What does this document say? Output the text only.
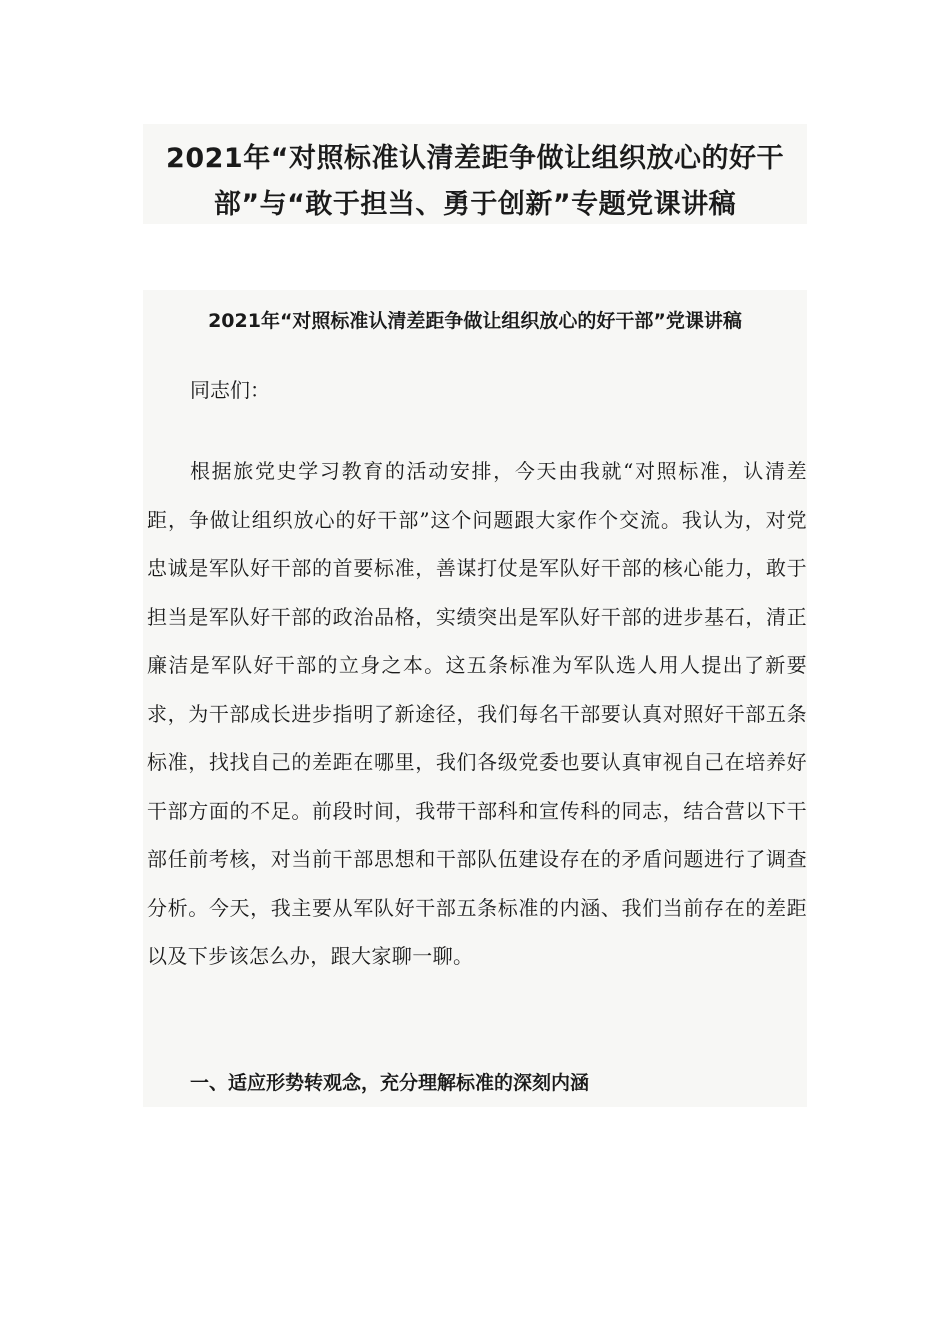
2021年“对照标准认清差距争做让组织放心的好干部”与“敢于担当、勇于创新”专题党课讲稿
2021年“对照标准认清差距争做让组织放心的好干部”党课讲稿
同志们：

根据旅党史学习教育的活动安排，今天由我就“对照标准，认清差距，争做让组织放心的好干部”这个问题跟大家作个交流。我认为，对党忠诚是军队好干部的首要标准，善谋打仗是军队好干部的核心能力，敢于担当是军队好干部的政治品格，实绩突出是军队好干部的进步基石，清正廉洁是军队好干部的立身之本。这五条标准为军队选人用人提出了新要求，为干部成长进步指明了新途径，我们每名干部要认真对照好干部五条标准，找找自己的差距在哪里，我们各级党委也要认真审视自己在培养好干部方面的不足。前段时间，我带干部科和宣传科的同志，结合营以下干部任前考核，对当前干部思想和干部队伍建设存在的矛盾问题进行了调查分析。今天，我主要从军队好干部五条标准的内涵、我们当前存在的差距以及下步该怎么办，跟大家聊一聊。

一、适应形势转观念，充分理解标准的深刻内涵
